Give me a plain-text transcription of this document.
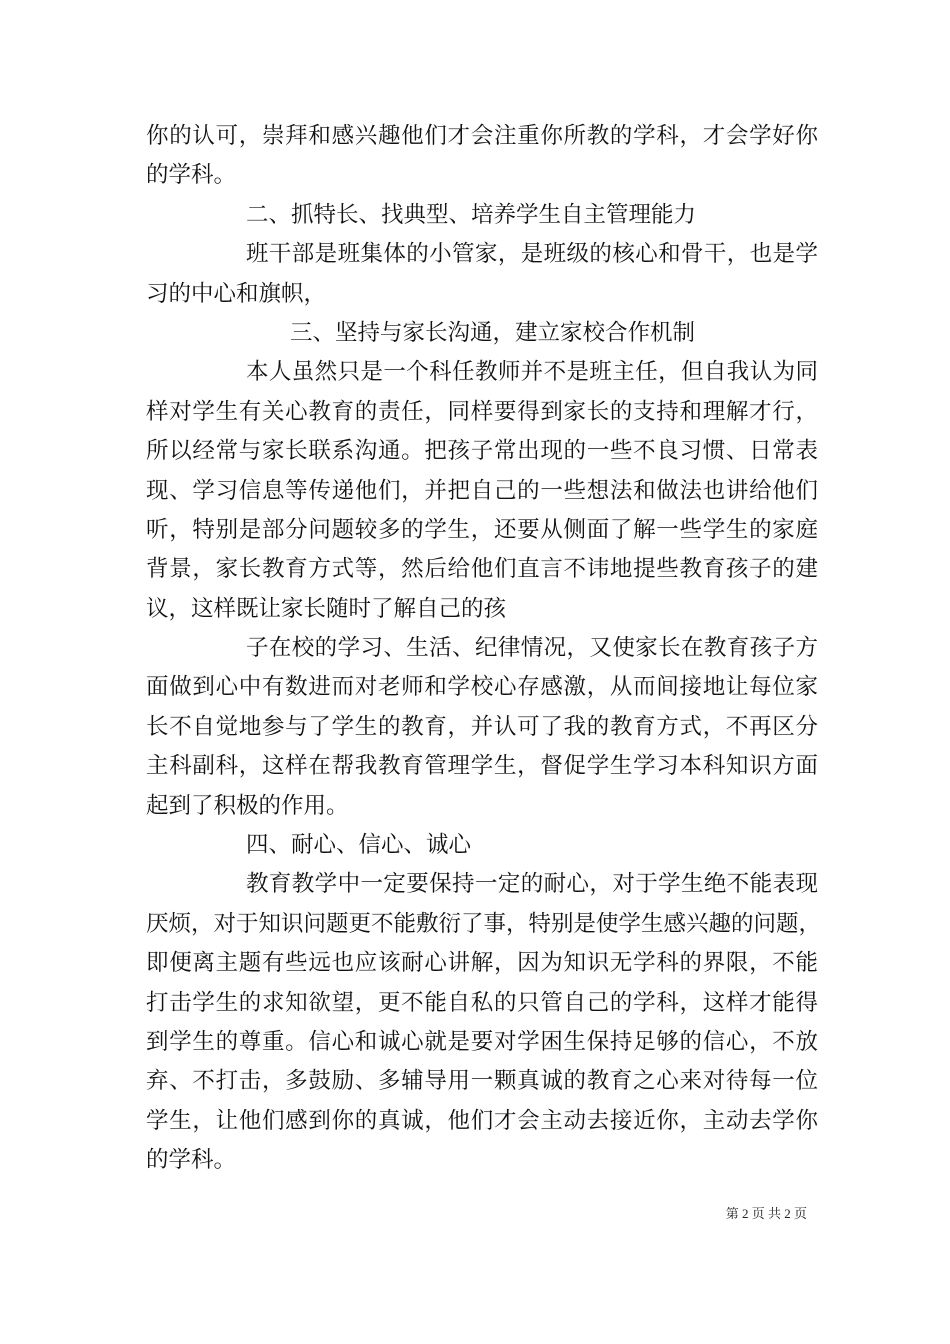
你的认可，崇拜和感兴趣他们才会注重你所教的学科，才会学好你
的学科。
二、抓特长、找典型、培养学生自主管理能力
班干部是班集体的小管家，是班级的核心和骨干，也是学
习的中心和旗帜，
三、坚持与家长沟通，建立家校合作机制
本人虽然只是一个科任教师并不是班主任，但自我认为同
样对学生有关心教育的责任，同样要得到家长的支持和理解才行，
所以经常与家长联系沟通。把孩子常出现的一些不良习惯、日常表
现、学习信息等传递他们，并把自己的一些想法和做法也讲给他们
听，特别是部分问题较多的学生，还要从侧面了解一些学生的家庭
背景，家长教育方式等，然后给他们直言不讳地提些教育孩子的建
议，这样既让家长随时了解自己的孩
子在校的学习、生活、纪律情况，又使家长在教育孩子方
面做到心中有数进而对老师和学校心存感激，从而间接地让每位家
长不自觉地参与了学生的教育，并认可了我的教育方式，不再区分
主科副科，这样在帮我教育管理学生，督促学生学习本科知识方面
起到了积极的作用。
四、耐心、信心、诚心
教育教学中一定要保持一定的耐心，对于学生绝不能表现
厌烦，对于知识问题更不能敷衍了事，特别是使学生感兴趣的问题，
即便离主题有些远也应该耐心讲解，因为知识无学科的界限，不能
打击学生的求知欲望，更不能自私的只管自己的学科，这样才能得
到学生的尊重。信心和诚心就是要对学困生保持足够的信心，不放
弃、不打击，多鼓励、多辅导用一颗真诚的教育之心来对待每一位
学生，让他们感到你的真诚，他们才会主动去接近你，主动去学你
的学科。
第 2 页 共 2 页
